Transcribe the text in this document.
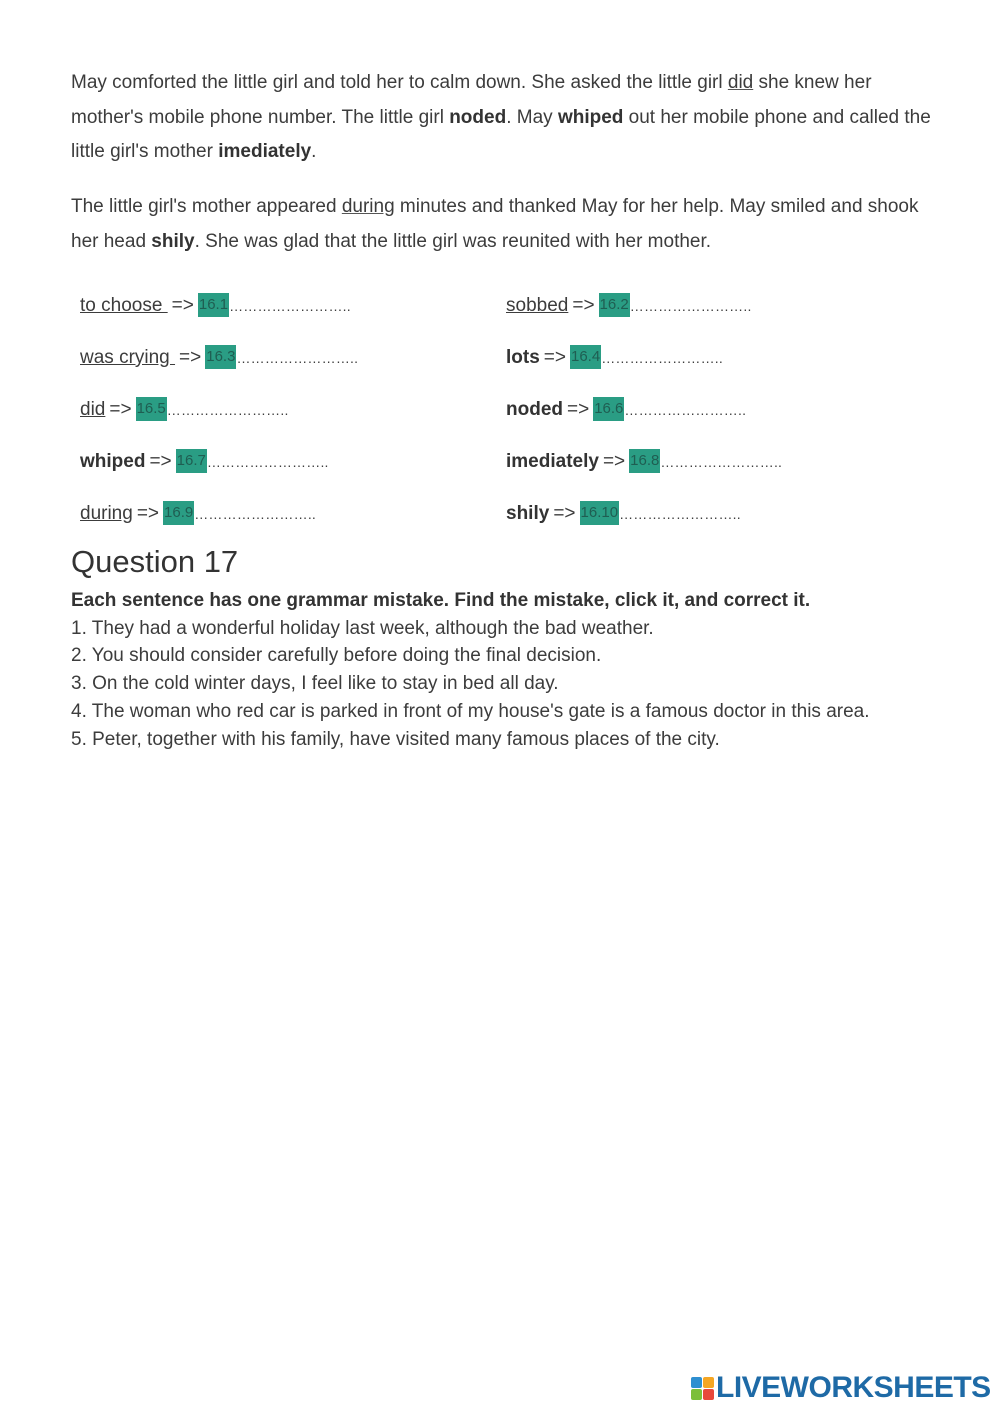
May comforted the little girl and told her to calm down. She asked the little girl did she knew her mother's mobile phone number. The little girl noded. May whiped out her mobile phone and called the little girl's mother imediately.

The little girl's mother appeared during minutes and thanked May for her help. May smiled and shook her head shily. She was glad that the little girl was reunited with her mother.

to choose => 16.1……………………..	sobbed => 16.2……………………..
was crying => 16.3……………………..	lots => 16.4……………………..
did => 16.5……………………..	noded => 16.6……………………..
whiped => 16.7……………………..	imediately => 16.8……………………..
during => 16.9……………………..	shily => 16.10……………………..
Question 17

Each sentence has one grammar mistake. Find the mistake, click it, and correct it.

1. They had a wonderful holiday last week, although the bad weather.

2. You should consider carefully before doing the final decision.

3. On the cold winter days, I feel like to stay in bed all day.

4. The woman who red car is parked in front of my house's gate is a famous doctor in this area.

5. Peter, together with his family, have visited many famous places of the city.

LIVEWORKSHEETS
